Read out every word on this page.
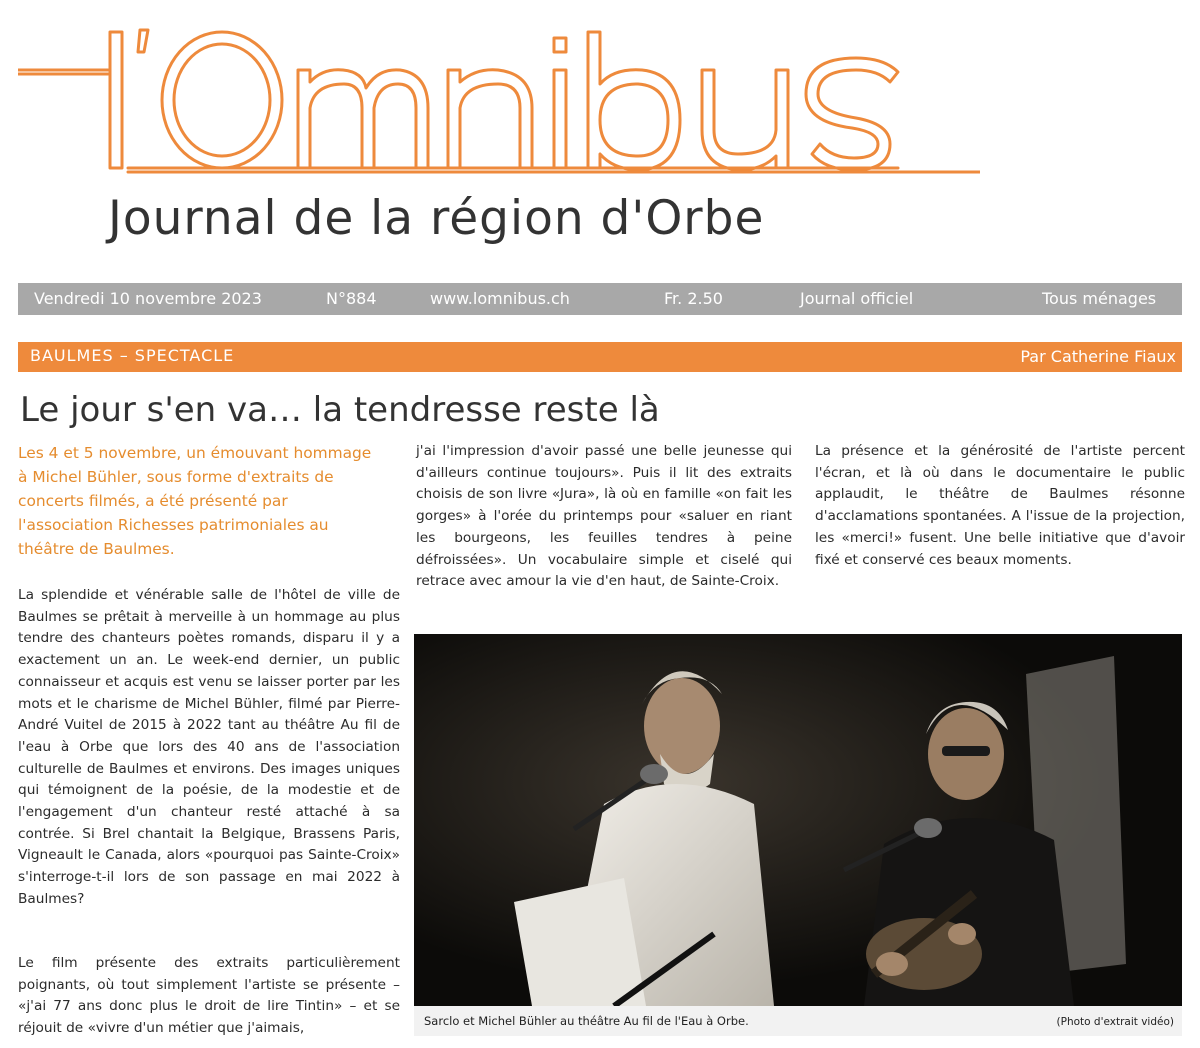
Journal de la région d'Orbe
Vendredi 10 novembre 2023	N°884	www.lomnibus.ch	Fr. 2.50	Journal officiel	Tous ménages
BAULMES – SPECTACLE	Par Catherine Fiaux
Le jour s'en va… la tendresse reste là

Les 4 et 5 novembre, un émouvant hommage à Michel Bühler, sous forme d'extraits de concerts filmés, a été présenté par l'association Richesses patrimoniales au théâtre de Baulmes.

La splendide et vénérable salle de l'hôtel de ville de Baulmes se prêtait à merveille à un hommage au plus tendre des chanteurs poètes romands, disparu il y a exactement un an. Le week-end dernier, un public connaisseur et acquis est venu se laisser porter par les mots et le charisme de Michel Bühler, filmé par Pierre-André Vuitel de 2015 à 2022 tant au théâtre Au fil de l'eau à Orbe que lors des 40 ans de l'association culturelle de Baulmes et environs. Des images uniques qui témoignent de la poésie, de la modestie et de l'engagement d'un chanteur resté attaché à sa contrée. Si Brel chantait la Belgique, Brassens Paris, Vigneault le Canada, alors «pourquoi pas Sainte-Croix» s'interroge-t-il lors de son passage en mai 2022 à Baulmes?

Le film présente des extraits particulièrement poignants, où tout simplement l'artiste se présente – «j'ai 77 ans donc plus le droit de lire Tintin» – et se réjouit de «vivre d'un métier que j'aimais,

j'ai l'impression d'avoir passé une belle jeunesse qui d'ailleurs continue toujours». Puis il lit des extraits choisis de son livre «Jura», là où en famille «on fait les gorges» à l'orée du printemps pour «saluer en riant les bourgeons, les feuilles tendres à peine défroissées». Un vocabulaire simple et ciselé qui retrace avec amour la vie d'en haut, de Sainte-Croix.

La présence et la générosité de l'artiste percent l'écran, et là où dans le documentaire le public applaudit, le théâtre de Baulmes résonne d'acclamations spontanées. A l'issue de la projection, les «merci!» fusent. Une belle initiative que d'avoir fixé et conservé ces beaux moments.

Sarclo et Michel Bühler au théâtre Au fil de l'Eau à Orbe.	(Photo d'extrait vidéo)
